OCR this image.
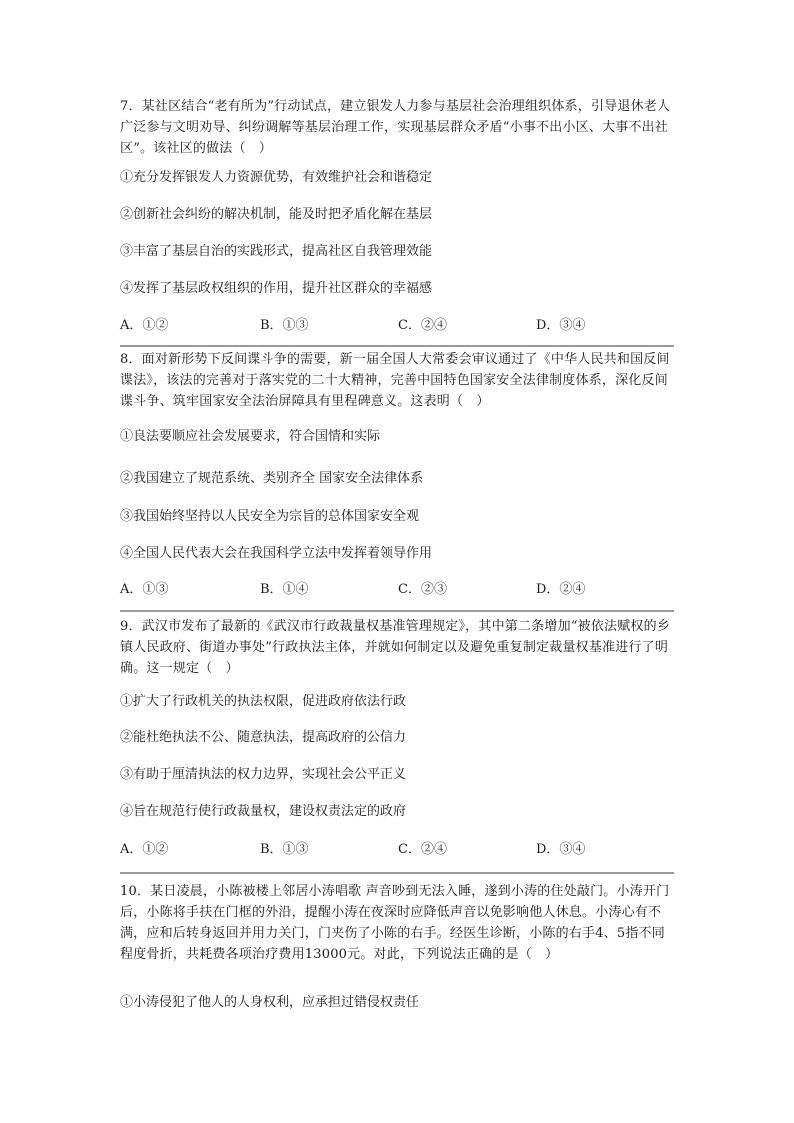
7．某社区结合“老有所为”行动试点，建立银发人力参与基层社会治理组织体系，引导退休老人广泛参与文明劝导、纠纷调解等基层治理工作，实现基层群众矛盾“小事不出小区、大事不出社区”。该社区的做法（　）

①充分发挥银发人力资源优势，有效维护社会和谐稳定

②创新社会纠纷的解决机制，能及时把矛盾化解在基层

③丰富了基层自治的实践形式，提高社区自我管理效能

④发挥了基层政权组织的作用，提升社区群众的幸福感

A．①②	B．①③	C．②④	D．③④

8．面对新形势下反间谍斗争的需要，新一届全国人大常委会审议通过了《中华人民共和国反间谍法》，该法的完善对于落实党的二十大精神，完善中国特色国家安全法律制度体系，深化反间谍斗争、筑牢国家安全法治屏障具有里程碑意义。这表明（　）

①良法要顺应社会发展要求，符合国情和实际

②我国建立了规范系统、类别齐全 国家安全法律体系

③我国始终坚持以人民安全为宗旨的总体国家安全观

④全国人民代表大会在我国科学立法中发挥着领导作用

A．①③	B．①④	C．②③	D．②④

9．武汉市发布了最新的《武汉市行政裁量权基准管理规定》，其中第二条增加“被依法赋权的乡镇人民政府、街道办事处”行政执法主体，并就如何制定以及避免重复制定裁量权基准进行了明确。这一规定（　）

①扩大了行政机关的执法权限，促进政府依法行政

②能杜绝执法不公、随意执法，提高政府的公信力

③有助于厘清执法的权力边界，实现社会公平正义

④旨在规范行使行政裁量权，建设权责法定的政府

A．①②	B．①③	C．②④	D．③④

10．某日凌晨，小陈被楼上邻居小涛唱歌 声音吵到无法入睡，遂到小涛的住处敲门。小涛开门后，小陈将手扶在门框的外沿，提醒小涛在夜深时应降低声音以免影响他人休息。小涛心有不满，应和后转身返回并用力关门，门夹伤了小陈的右手。经医生诊断，小陈的右手4、5指不同程度骨折，共耗费各项治疗费用13000元。对此，下列说法正确的是（　）

①小涛侵犯了他人的人身权利，应承担过错侵权责任
